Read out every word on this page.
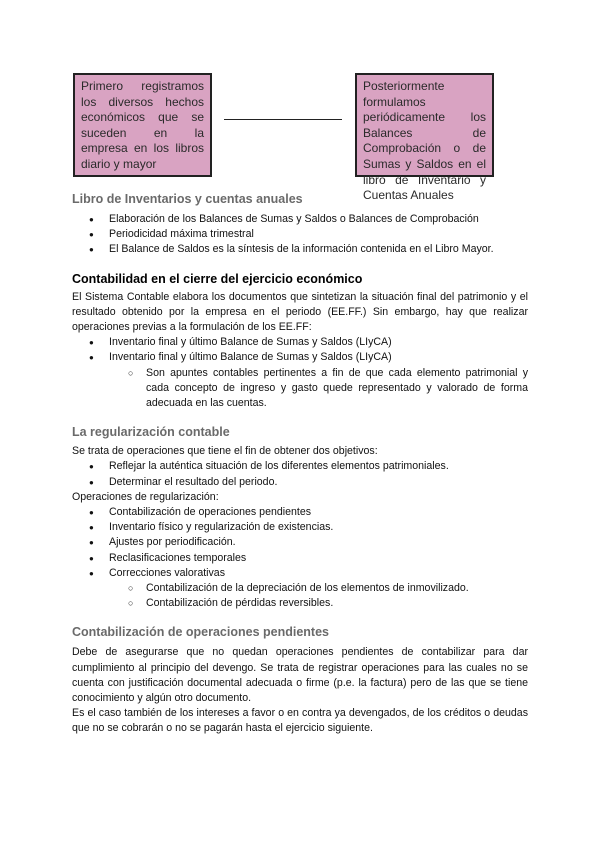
Primero registramos los diversos hechos económicos que se suceden en la empresa en los libros diario y mayor
Posteriormente formulamos periódicamente los Balances de Comprobación o de Sumas y Saldos en el libro de Inventario y Cuentas Anuales
Libro de Inventarios y cuentas anuales
● Elaboración de los Balances de Sumas y Saldos o Balances de Comprobación
● Periodicidad máxima trimestral
● El Balance de Saldos es la síntesis de la información contenida en el Libro Mayor.
Contabilidad en el cierre del ejercicio económico

El Sistema Contable elabora los documentos que sintetizan la situación final del patrimonio y el resultado obtenido por la empresa en el periodo (EE.FF.) Sin embargo, hay que realizar operaciones previas a la formulación de los EE.FF:

● Inventario final y último Balance de Sumas y Saldos (LIyCA)
● Inventario final y último Balance de Sumas y Saldos (LIyCA)
○ Son apuntes contables pertinentes a fin de que cada elemento patrimonial y cada concepto de ingreso y gasto quede representado y valorado de forma adecuada en las cuentas.
La regularización contable

Se trata de operaciones que tiene el fin de obtener dos objetivos:

● Reflejar la auténtica situación de los diferentes elementos patrimoniales.
● Determinar el resultado del periodo.

Operaciones de regularización:

● Contabilización de operaciones pendientes
● Inventario físico y regularización de existencias.
● Ajustes por periodificación.
● Reclasificaciones temporales
● Correcciones valorativas
○ Contabilización de la depreciación de los elementos de inmovilizado.
○ Contabilización de pérdidas reversibles.
Contabilización de operaciones pendientes

Debe de asegurarse que no quedan operaciones pendientes de contabilizar para dar cumplimiento al principio del devengo. Se trata de registrar operaciones para las cuales no se cuenta con justificación documental adecuada o firme (p.e. la factura) pero de las que se tiene conocimiento y algún otro documento.

Es el caso también de los intereses a favor o en contra ya devengados, de los créditos o deudas que no se cobrarán o no se pagarán hasta el ejercicio siguiente.
